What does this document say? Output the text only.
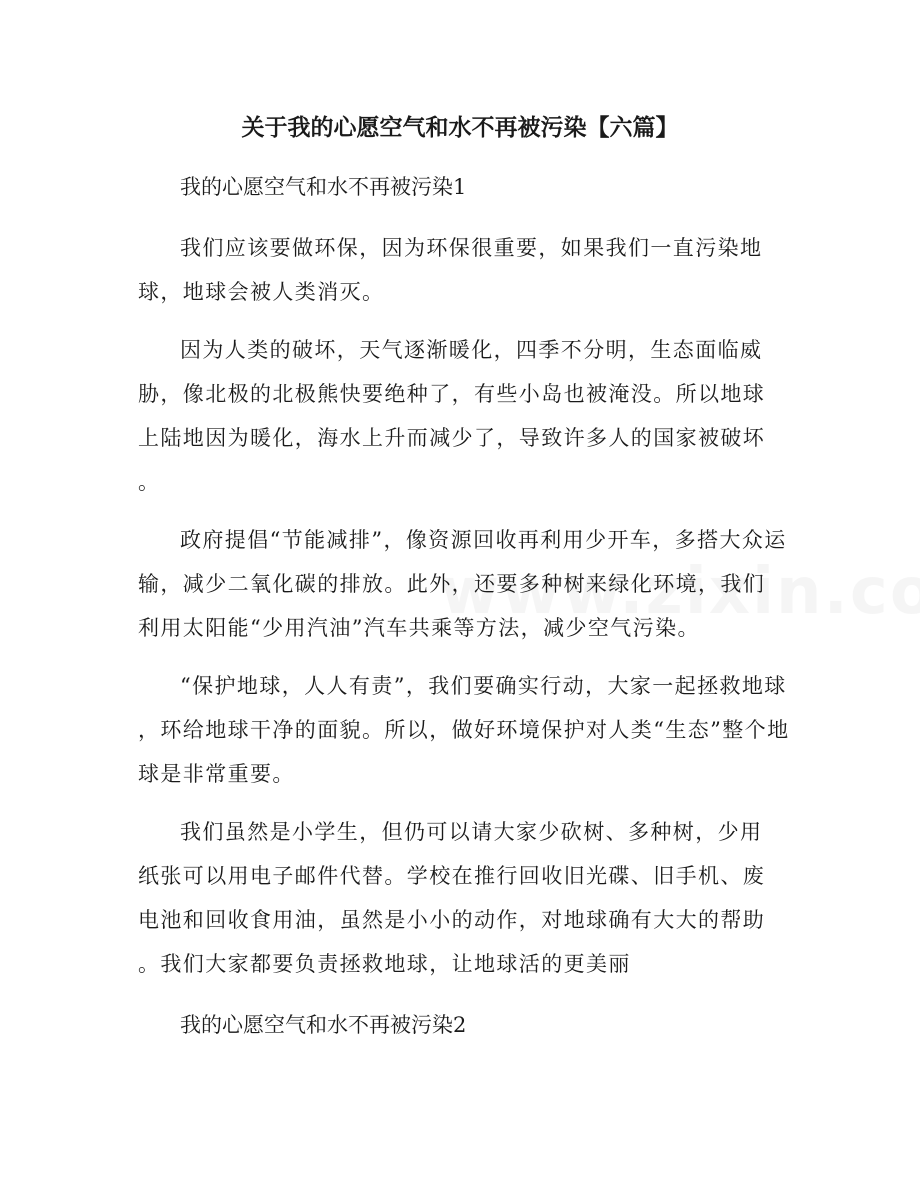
关于我的心愿空气和水不再被污染【六篇】
我的心愿空气和水不再被污染1

我们应该要做环保，因为环保很重要，如果我们一直污染地
球，地球会被人类消灭。

因为人类的破坏，天气逐渐暖化，四季不分明，生态面临威
胁，像北极的北极熊快要绝种了，有些小岛也被淹没。所以地球
上陆地因为暖化，海水上升而减少了，导致许多人的国家被破坏
。

政府提倡“节能减排”，像资源回收再利用少开车，多搭大众运
输，减少二氧化碳的排放。此外，还要多种树来绿化环境，我们
利用太阳能“少用汽油”汽车共乘等方法，减少空气污染。

“保护地球，人人有责”，我们要确实行动，大家一起拯救地球
，环给地球干净的面貌。所以，做好环境保护对人类“生态”整个地
球是非常重要。

我们虽然是小学生，但仍可以请大家少砍树、多种树，少用
纸张可以用电子邮件代替。学校在推行回收旧光碟、旧手机、废
电池和回收食用油，虽然是小小的动作，对地球确有大大的帮助
。我们大家都要负责拯救地球，让地球活的更美丽

我的心愿空气和水不再被污染2
